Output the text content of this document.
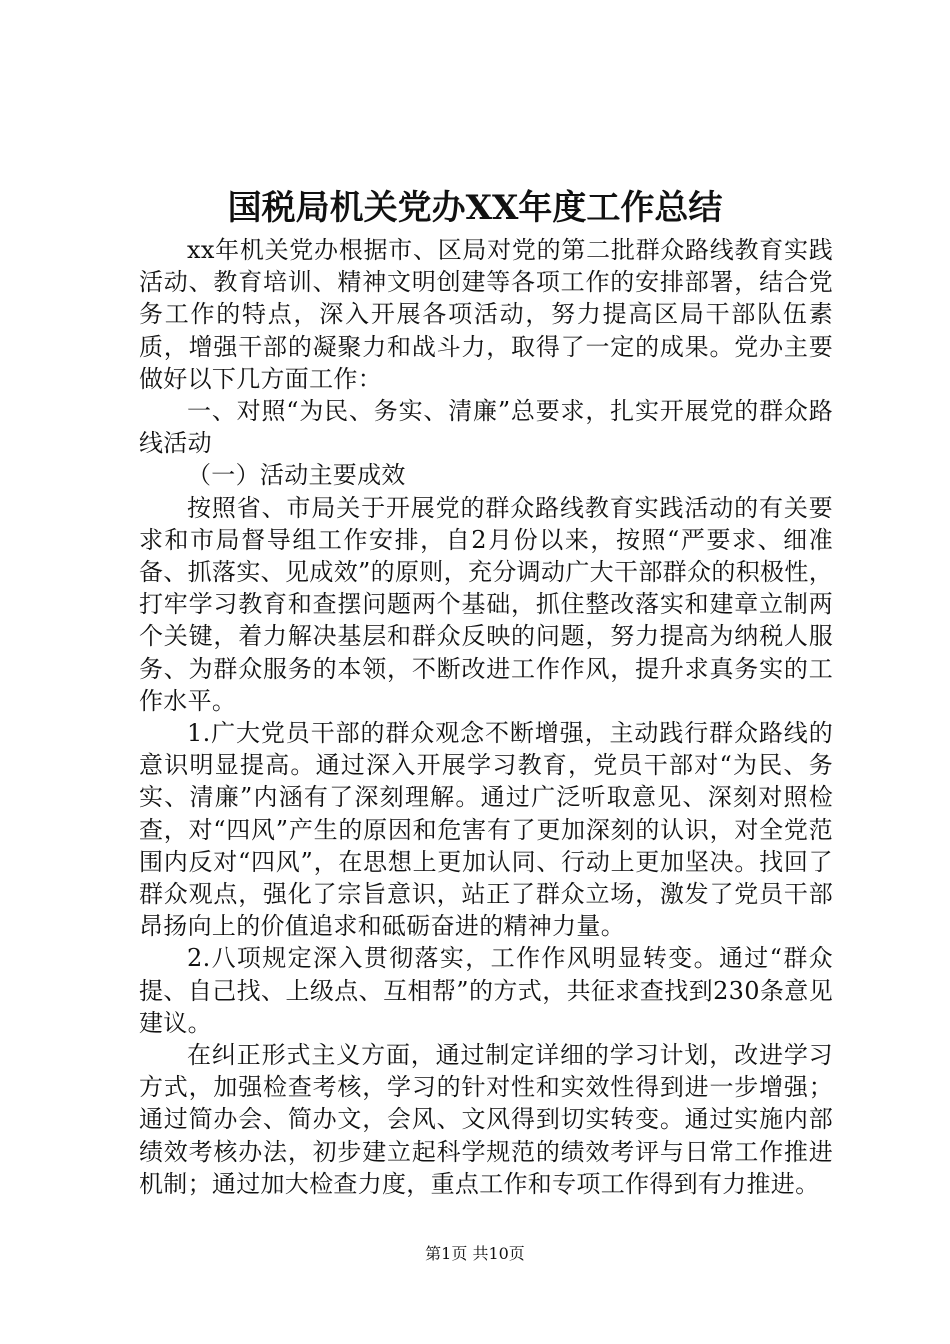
国税局机关党办XX年度工作总结

xx年机关党办根据市、区局对党的第二批群众路线教育实践活动、教育培训、精神文明创建等各项工作的安排部署，结合党务工作的特点，深入开展各项活动，努力提高区局干部队伍素质，增强干部的凝聚力和战斗力，取得了一定的成果。党办主要做好以下几方面工作：

一、对照“为民、务实、清廉”总要求，扎实开展党的群众路线活动

（一）活动主要成效

按照省、市局关于开展党的群众路线教育实践活动的有关要求和市局督导组工作安排，自2月份以来，按照“严要求、细准备、抓落实、见成效”的原则，充分调动广大干部群众的积极性，打牢学习教育和查摆问题两个基础，抓住整改落实和建章立制两个关键，着力解决基层和群众反映的问题，努力提高为纳税人服务、为群众服务的本领，不断改进工作作风，提升求真务实的工作水平。

1.广大党员干部的群众观念不断增强，主动践行群众路线的意识明显提高。通过深入开展学习教育，党员干部对“为民、务实、清廉”内涵有了深刻理解。通过广泛听取意见、深刻对照检查，对“四风”产生的原因和危害有了更加深刻的认识，对全党范围内反对“四风”，在思想上更加认同、行动上更加坚决。找回了群众观点，强化了宗旨意识，站正了群众立场，激发了党员干部昂扬向上的价值追求和砥砺奋进的精神力量。

2.八项规定深入贯彻落实，工作作风明显转变。通过“群众提、自己找、上级点、互相帮”的方式，共征求查找到230条意见建议。

在纠正形式主义方面，通过制定详细的学习计划，改进学习方式，加强检查考核，学习的针对性和实效性得到进一步增强；通过简办会、简办文，会风、文风得到切实转变。通过实施内部绩效考核办法，初步建立起科学规范的绩效考评与日常工作推进机制；通过加大检查力度，重点工作和专项工作得到有力推进。

第1页 共10页
